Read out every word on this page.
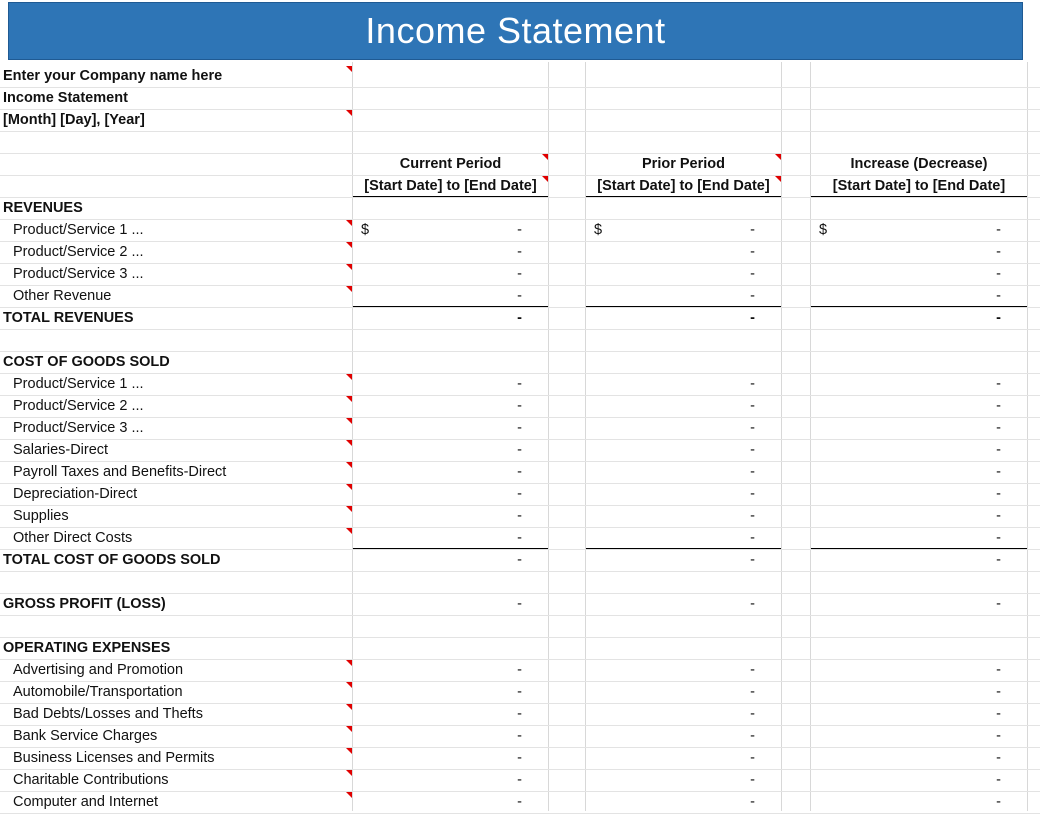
Income Statement
Enter your Company name here
Income Statement
[Month] [Day], [Year]
Current Period	Prior Period	Increase (Decrease)
[Start Date] to [End Date]	[Start Date] to [End Date]	[Start Date] to [End Date]
REVENUES
Product/Service 1 ...	$	-	$	-	$	-
Product/Service 2 ...	-	-	-
Product/Service 3 ...	-	-	-
Other Revenue	-	-	-
TOTAL REVENUES	-	-	-
COST OF GOODS SOLD
Product/Service 1 ...	-	-	-
Product/Service 2 ...	-	-	-
Product/Service 3 ...	-	-	-
Salaries-Direct	-	-	-
Payroll Taxes and Benefits-Direct	-	-	-
Depreciation-Direct	-	-	-
Supplies	-	-	-
Other Direct Costs	-	-	-
TOTAL COST OF GOODS SOLD	-	-	-
GROSS PROFIT (LOSS)	-	-	-
OPERATING EXPENSES
Advertising and Promotion	-	-	-
Automobile/Transportation	-	-	-
Bad Debts/Losses and Thefts	-	-	-
Bank Service Charges	-	-	-
Business Licenses and Permits	-	-	-
Charitable Contributions	-	-	-
Computer and Internet	-	-	-
